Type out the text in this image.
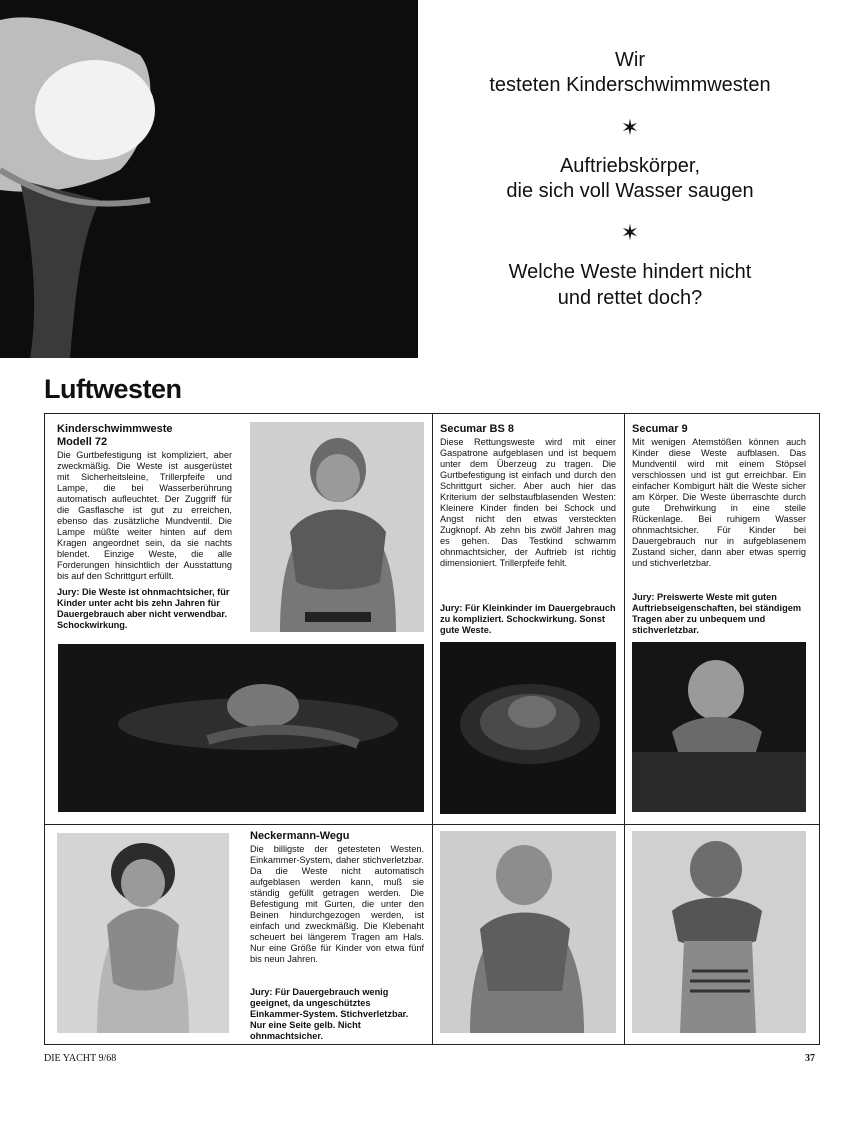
Wir
testeten Kinderschwimmwesten
✶
Auftriebskörper,
die sich voll Wasser saugen
✶
Welche Weste hindert nicht
und rettet doch?
Luftwesten
Kinderschwimmweste
Modell 72
Die Gurtbefestigung ist kompliziert, aber zweckmäßig. Die Weste ist ausgerüstet mit Sicherheitsleine, Trillerpfeife und Lampe, die bei Wasserberührung automatisch aufleuchtet. Der Zuggriff für die Gasflasche ist gut zu erreichen, ebenso das zusätzliche Mundventil. Die Lampe müßte weiter hinten auf dem Kragen angeordnet sein, da sie nachts blendet. Einzige Weste, die alle Forderungen hinsichtlich der Ausstattung bis auf den Schrittgurt erfüllt.
Jury: Die Weste ist ohnmachtsicher, für Kinder unter acht bis zehn Jahren für Dauergebrauch aber nicht verwendbar. Schockwirkung.
Secumar BS 8
Diese Rettungsweste wird mit einer Gaspatrone aufgeblasen und ist bequem unter dem Überzeug zu tragen. Die Gurtbefestigung ist einfach und durch den Schrittgurt sicher. Aber auch hier das Kriterium der selbstaufblasenden Westen: Kleinere Kinder finden bei Schock und Angst nicht den etwas versteckten Zugknopf. Ab zehn bis zwölf Jahren mag es gehen. Das Testkind schwamm ohnmachtsicher, der Auftrieb ist richtig dimensioniert. Trillerpfeife fehlt.
Jury: Für Kleinkinder im Dauergebrauch zu kompliziert. Schockwirkung. Sonst gute Weste.
Secumar 9
Mit wenigen Atemstößen können auch Kinder diese Weste aufblasen. Das Mundventil wird mit einem Stöpsel verschlossen und ist gut erreichbar. Ein einfacher Kombigurt hält die Weste sicher am Körper. Die Weste überraschte durch gute Drehwirkung in eine steile Rückenlage. Bei ruhigem Wasser ohnmachtsicher. Für Kinder bei Dauergebrauch nur in aufgeblasenem Zustand sicher, dann aber etwas sperrig und stichverletzbar.
Jury: Preiswerte Weste mit guten Auftriebseigenschaften, bei ständigem Tragen aber zu unbequem und stichverletzbar.
Neckermann-Wegu
Die billigste der getesteten Westen. Einkammer-System, daher stichverletzbar. Da die Weste nicht automatisch aufgeblasen werden kann, muß sie ständig gefüllt getragen werden. Die Befestigung mit Gurten, die unter den Beinen hindurchgezogen werden, ist einfach und zweckmäßig. Die Klebenaht scheuert bei längerem Tragen am Hals. Nur eine Größe für Kinder von etwa fünf bis neun Jahren.
Jury: Für Dauergebrauch wenig geeignet, da ungeschütztes Einkammer-System. Stichverletzbar. Nur eine Seite gelb. Nicht ohnmachtsicher.
DIE YACHT 9/68	37
